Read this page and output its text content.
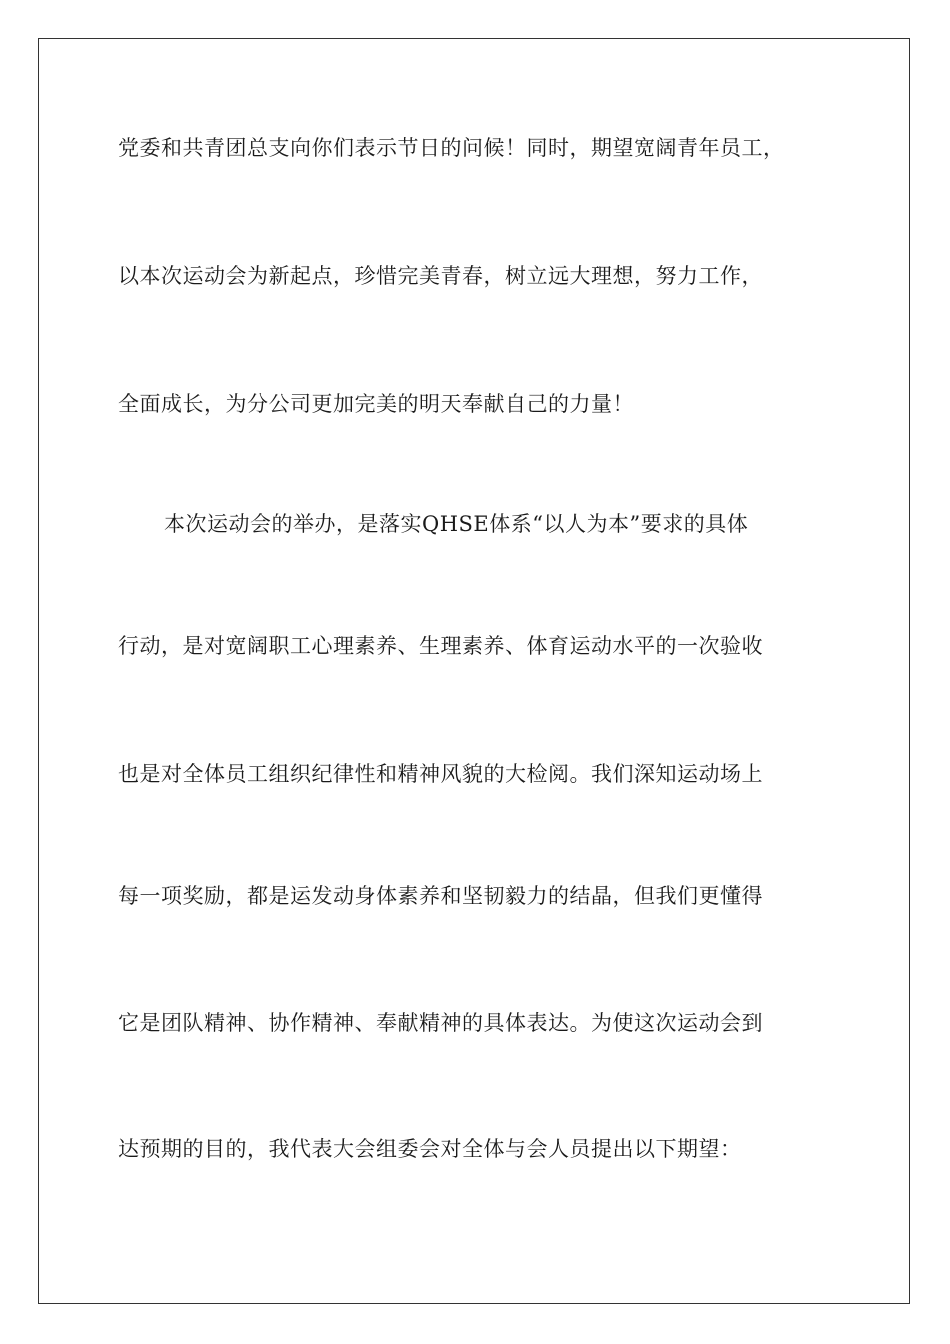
党委和共青团总支向你们表示节日的问候！同时，期望宽阔青年员工，
以本次运动会为新起点，珍惜完美青春，树立远大理想，努力工作，
全面成长，为分公司更加完美的明天奉献自己的力量！
本次运动会的举办，是落实QHSE体系“以人为本”要求的具体
行动，是对宽阔职工心理素养、生理素养、体育运动水平的一次验收
也是对全体员工组织纪律性和精神风貌的大检阅。我们深知运动场上
每一项奖励，都是运发动身体素养和坚韧毅力的结晶，但我们更懂得
它是团队精神、协作精神、奉献精神的具体表达。为使这次运动会到
达预期的目的，我代表大会组委会对全体与会人员提出以下期望：
